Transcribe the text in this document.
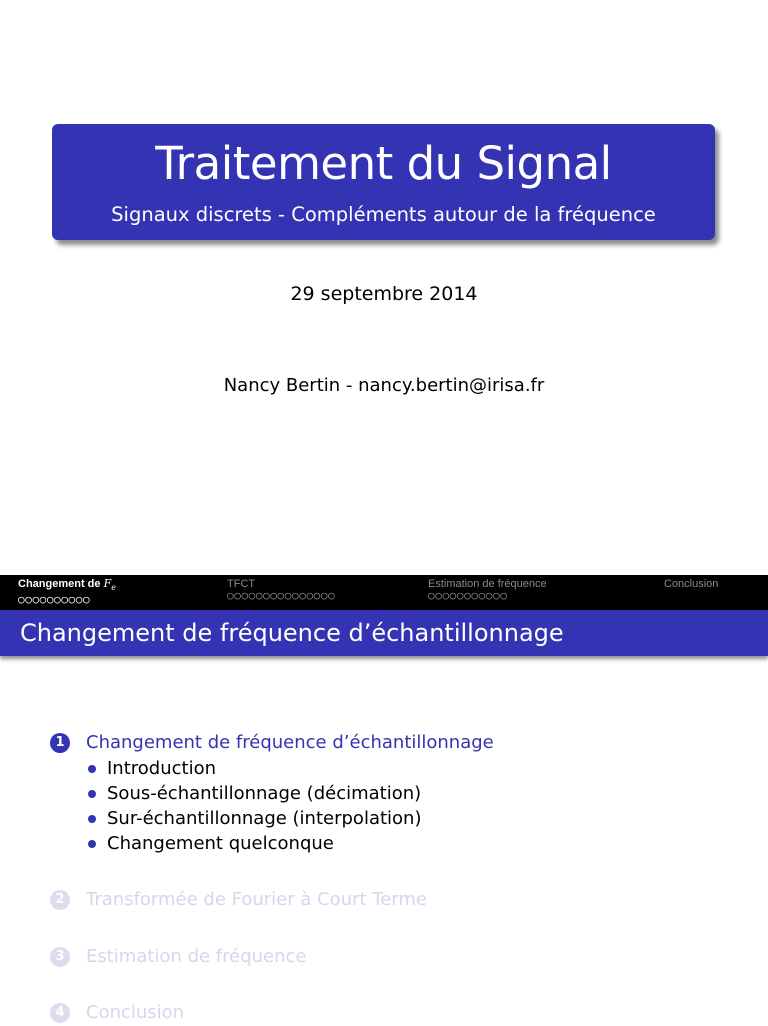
Traitement du Signal
Signaux discrets - Compléments autour de la fréquence
29 septembre 2014
Nancy Bertin - nancy.bertin@irisa.fr
Changement de $F_e$
○○○○○○○○○○
TFCT
○○○○○○○○○○○○○○○
Estimation de fréquence
○○○○○○○○○○○
Conclusion
Changement de fréquence d’échantillonnage
1	Changement de fréquence d’échantillonnage
Introduction
Sous-échantillonnage (décimation)
Sur-échantillonnage (interpolation)
Changement quelconque
2	Transformée de Fourier à Court Terme
3	Estimation de fréquence
4	Conclusion
